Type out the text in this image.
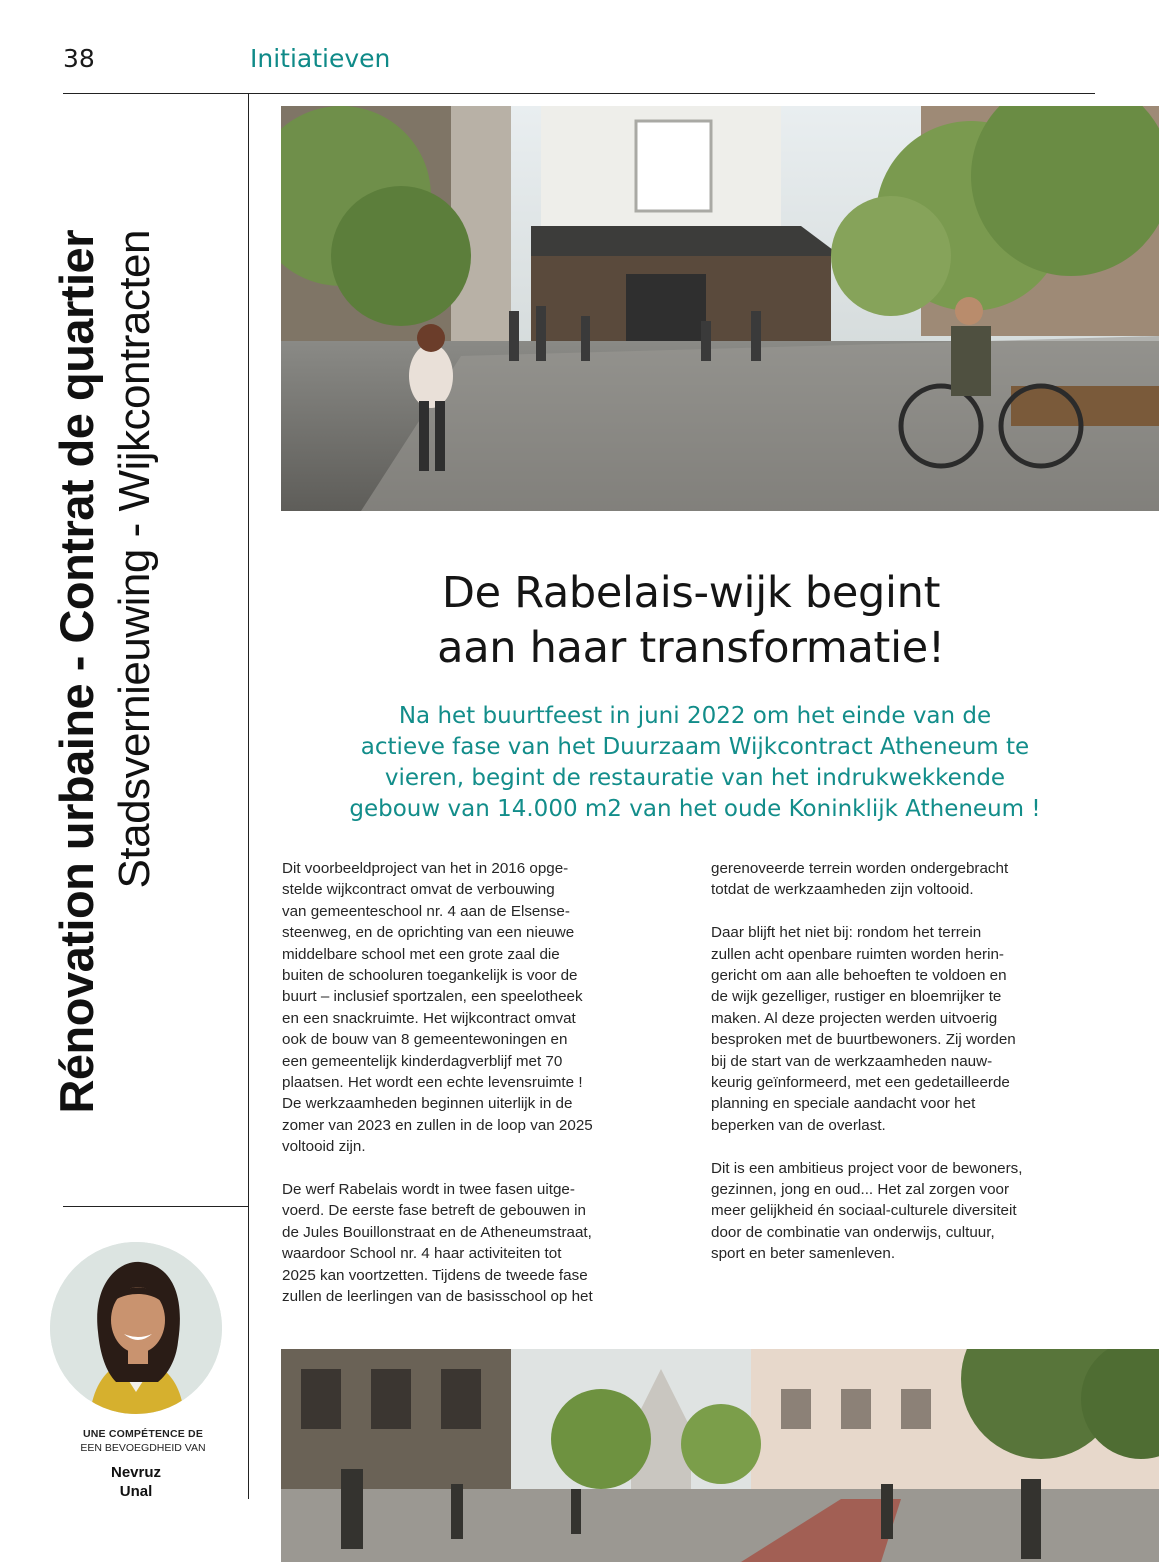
38	Initiatieven
Rénovation urbaine - Contrat de quartier Stadsvernieuwing - Wijkcontracten
UNE COMPÉTENCE DE
EEN BEVOEGDHEID VAN
Nevruz
Unal
De Rabelais-wijk begint
aan haar transformatie!
Na het buurtfeest in juni 2022 om het einde van de
actieve fase van het Duurzaam Wijkcontract Atheneum te
vieren, begint de restauratie van het indrukwekkende
gebouw van 14.000 m2 van het oude Koninklijk Atheneum !

Dit voorbeeldproject van het in 2016 opge-
stelde wijkcontract omvat de verbouwing
van gemeenteschool nr. 4 aan de Elsense-
steenweg, en de oprichting van een nieuwe
middelbare school met een grote zaal die
buiten de schooluren toegankelijk is voor de
buurt – inclusief sportzalen, een speelotheek
en een snackruimte. Het wijkcontract omvat
ook de bouw van 8 gemeentewoningen en
een gemeentelijk kinderdagverblijf met 70
plaatsen. Het wordt een echte levensruimte !
De werkzaamheden beginnen uiterlijk in de
zomer van 2023 en zullen in de loop van 2025
voltooid zijn.

De werf Rabelais wordt in twee fasen uitge-
voerd. De eerste fase betreft de gebouwen in
de Jules Bouillonstraat en de Atheneumstraat,
waardoor School nr. 4 haar activiteiten tot
2025 kan voortzetten. Tijdens de tweede fase
zullen de leerlingen van de basisschool op het

gerenoveerde terrein worden ondergebracht
totdat de werkzaamheden zijn voltooid.

Daar blijft het niet bij: rondom het terrein
zullen acht openbare ruimten worden herin-
gericht om aan alle behoeften te voldoen en
de wijk gezelliger, rustiger en bloemrijker te
maken. Al deze projecten werden uitvoerig
besproken met de buurtbewoners. Zij worden
bij de start van de werkzaamheden nauw-
keurig geïnformeerd, met een gedetailleerde
planning en speciale aandacht voor het
beperken van de overlast.

Dit is een ambitieus project voor de bewoners,
gezinnen, jong en oud... Het zal zorgen voor
meer gelijkheid én sociaal-culturele diversiteit
door de combinatie van onderwijs, cultuur,
sport en beter samenleven.
